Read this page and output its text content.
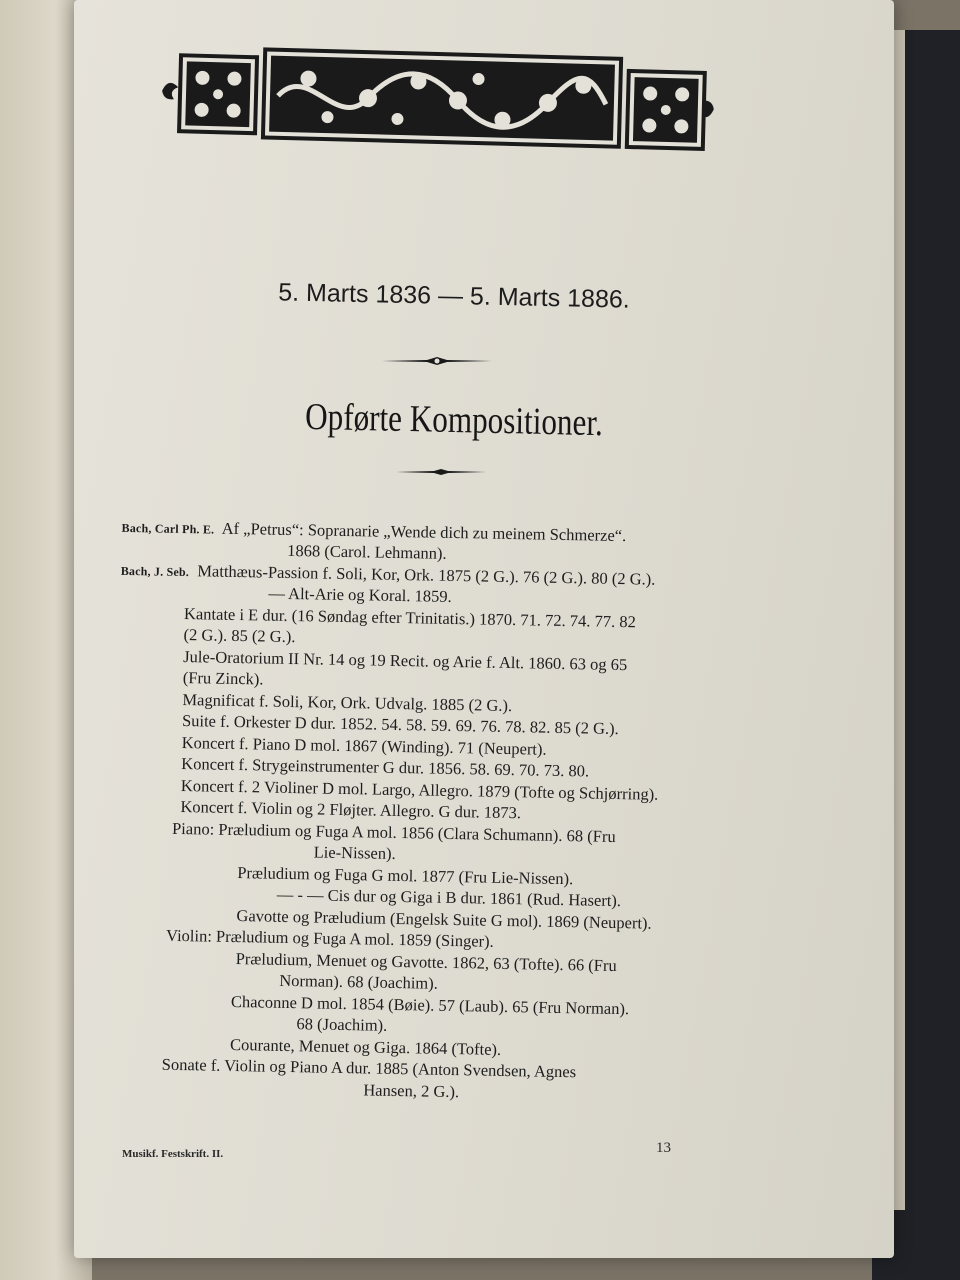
5. Marts 1836 — 5. Marts 1886.
Opførte Kompositioner.
Bach, Carl Ph. E. Af „Petrus“: Sopranarie „Wende dich zu meinem Schmerze“.
1868 (Carol. Lehmann).
Bach, J. Seb. Matthæus-Passion f. Soli, Kor, Ork. 1875 (2 G.). 76 (2 G.). 80 (2 G.).
— Alt-Arie og Koral. 1859.
Kantate i E dur. (16 Søndag efter Trinitatis.) 1870. 71. 72. 74. 77. 82
(2 G.). 85 (2 G.).
Jule-Oratorium II Nr. 14 og 19 Recit. og Arie f. Alt. 1860. 63 og 65
(Fru Zinck).
Magnificat f. Soli, Kor, Ork. Udvalg. 1885 (2 G.).
Suite f. Orkester D dur. 1852. 54. 58. 59. 69. 76. 78. 82. 85 (2 G.).
Koncert f. Piano D mol. 1867 (Winding). 71 (Neupert).
Koncert f. Strygeinstrumenter G dur. 1856. 58. 69. 70. 73. 80.
Koncert f. 2 Violiner D mol. Largo, Allegro. 1879 (Tofte og Schjørring).
Koncert f. Violin og 2 Fløjter. Allegro. G dur. 1873.
Piano: Præludium og Fuga A mol. 1856 (Clara Schumann). 68 (Fru
Lie-Nissen).
Præludium og Fuga G mol. 1877 (Fru Lie-Nissen).
— - — Cis dur og Giga i B dur. 1861 (Rud. Hasert).
Gavotte og Præludium (Engelsk Suite G mol). 1869 (Neupert).
Violin: Præludium og Fuga A mol. 1859 (Singer).
Præludium, Menuet og Gavotte. 1862, 63 (Tofte). 66 (Fru
Norman). 68 (Joachim).
Chaconne D mol. 1854 (Bøie). 57 (Laub). 65 (Fru Norman).
68 (Joachim).
Courante, Menuet og Giga. 1864 (Tofte).
Sonate f. Violin og Piano A dur. 1885 (Anton Svendsen, Agnes
Hansen, 2 G.).
Musikf. Festskrift. II.	13
